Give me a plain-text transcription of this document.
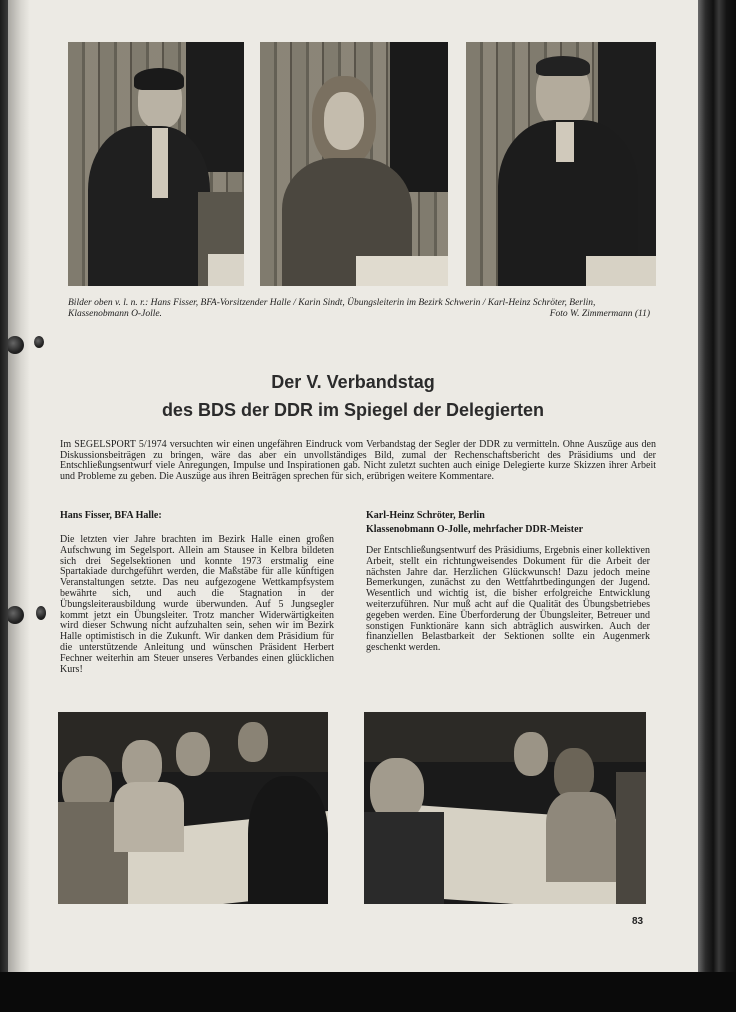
Bilder oben v. l. n. r.: Hans Fisser, BFA-Vorsitzender Halle / Karin Sindt, Übungsleiterin im Bezirk Schwerin / Karl-Heinz Schröter, Berlin, Klassenobmann O-Jolle.	Foto W. Zimmermann (11)
Der V. Verbandstag
des BDS der DDR im Spiegel der Delegierten
Im SEGELSPORT 5/1974 versuchten wir einen ungefähren Eindruck vom Verbandstag der Segler der DDR zu vermitteln. Ohne Auszüge aus den Diskussionsbeiträgen zu bringen, wäre das aber ein unvollständiges Bild, zumal der Rechenschaftsbericht des Präsidiums und der Entschließungsentwurf viele Anregungen, Impulse und Inspirationen gab. Nicht zuletzt suchten auch einige Delegierte kurze Skizzen ihrer Arbeit und Probleme zu geben. Die Auszüge aus ihren Beiträgen sprechen für sich, erübrigen weitere Kommentare.
Hans Fisser, BFA Halle:
Die letzten vier Jahre brachten im Bezirk Halle einen großen Aufschwung im Segelsport. Allein am Stausee in Kelbra bildeten sich drei Segelsektionen und konnte 1973 erstmalig eine Spartakiade durchgeführt werden, die Maßstäbe für alle künftigen Veranstaltungen setzte. Das neu aufgezogene Wettkampfsystem bewährte sich, und auch die Stagnation in der Übungsleiterausbildung wurde überwunden. Auf 5 Jungsegler kommt jetzt ein Übungsleiter. Trotz mancher Widerwärtigkeiten wird dieser Schwung nicht aufzuhalten sein, sehen wir im Bezirk Halle optimistisch in die Zukunft. Wir danken dem Präsidium für die unterstützende Anleitung und wünschen Präsident Herbert Fechner weiterhin am Steuer unseres Verbandes einen glücklichen Kurs!
Karl-Heinz Schröter, Berlin
Klassenobmann O-Jolle, mehrfacher DDR-Meister
Der Entschließungsentwurf des Präsidiums, Ergebnis einer kollektiven Arbeit, stellt ein richtungweisendes Dokument für die Arbeit der nächsten Jahre dar. Herzlichen Glückwunsch! Dazu jedoch meine Bemerkungen, zunächst zu den Wettfahrtbedingungen der Jugend. Wesentlich und wichtig ist, die bisher erfolgreiche Entwicklung weiterzuführen. Nur muß acht auf die Qualität des Übungsbetriebes gegeben werden. Eine Überforderung der Übungsleiter, Betreuer und sonstigen Funktionäre kann sich abträglich auswirken. Auch der finanziellen Belastbarkeit der Sektionen sollte ein Augenmerk geschenkt werden.
83
